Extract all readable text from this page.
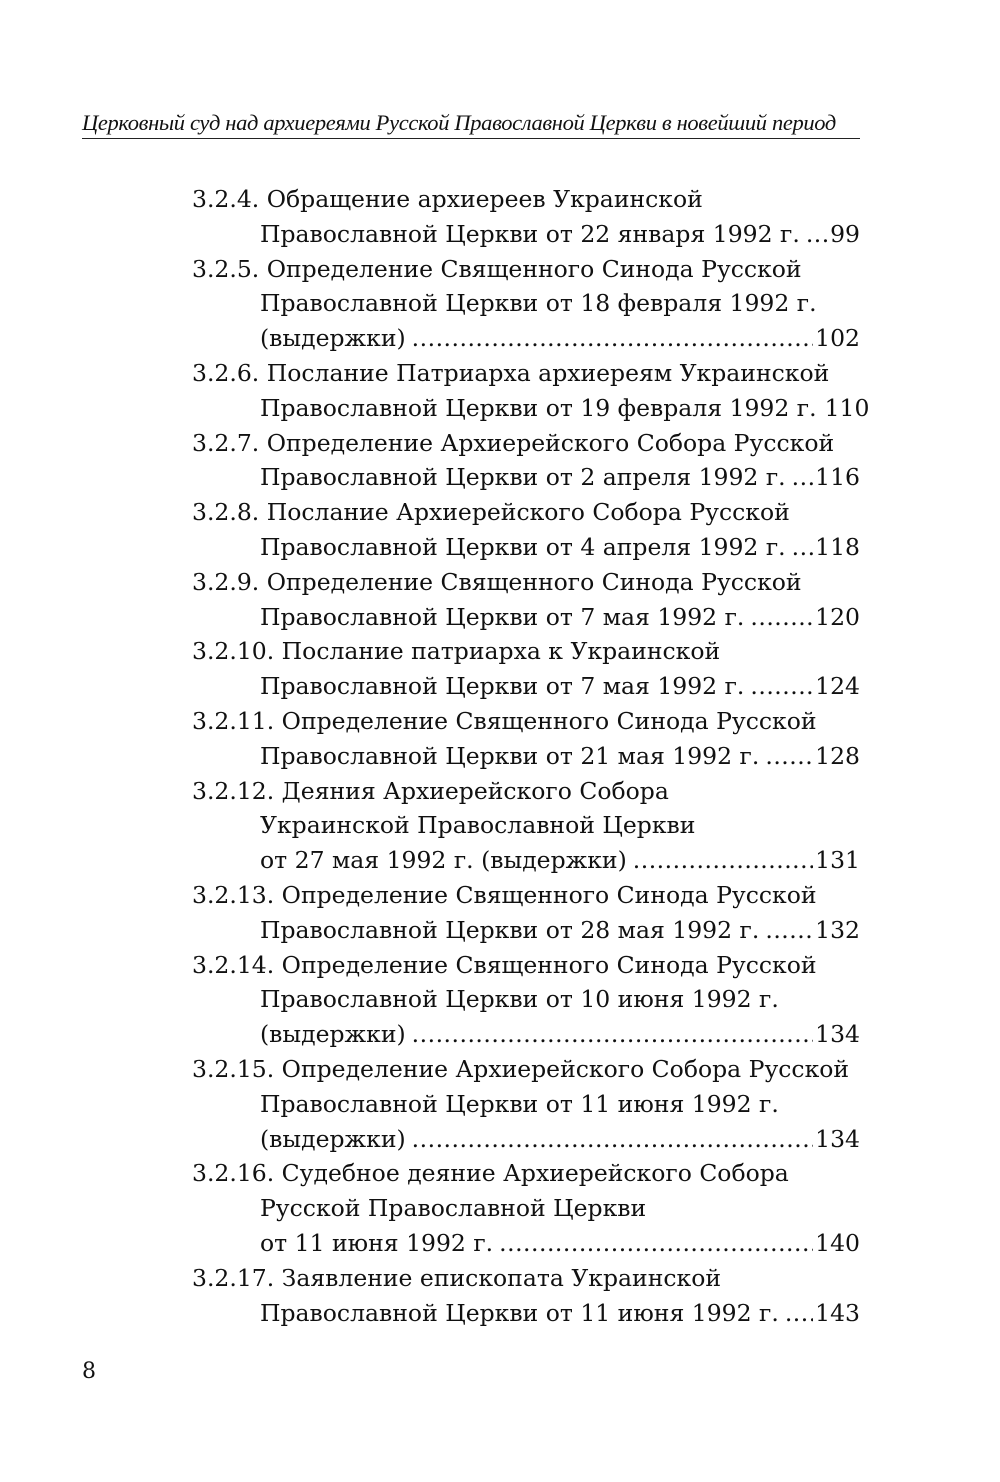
Церковный суд над архиереями Русской Православной Церкви в новейший период
3.2.4. Обращение архиереев Украинской
Православной Церкви от 22 января 1992 г. ..... 99
3.2.5. Определение Священного Синода Русской
Православной Церкви от 18 февраля 1992 г.
(выдержки) .....	102
3.2.6. Послание Патриарха архиереям Украинской
Православной Церкви от 19 февраля 1992 г. 110
3.2.7. Определение Архиерейского Собора Русской
Православной Церкви от 2 апреля 1992 г. ..... 116
3.2.8. Послание Архиерейского Собора Русской
Православной Церкви от 4 апреля 1992 г. ..... 118
3.2.9. Определение Священного Синода Русской
Православной Церкви от 7 мая 1992 г. .....	120
3.2.10. Послание патриарха к Украинской
Православной Церкви от 7 мая 1992 г. .....	124
3.2.11. Определение Священного Синода Русской
Православной Церкви от 21 мая 1992 г. ..... 128
3.2.12. Деяния Архиерейского Собора
Украинской Православной Церкви
от 27 мая 1992 г. (выдержки) .....	131
3.2.13. Определение Священного Синода Русской
Православной Церкви от 28 мая 1992 г. ..... 132
3.2.14. Определение Священного Синода Русской
Православной Церкви от 10 июня 1992 г.
(выдержки) .....	134
3.2.15. Определение Архиерейского Собора Русской
Православной Церкви от 11 июня 1992 г.
(выдержки) .....	134
3.2.16. Судебное деяние Архиерейского Собора
Русской Православной Церкви
от 11 июня 1992 г. .....	140
3.2.17. Заявление епископата Украинской
Православной Церкви от 11 июня 1992 г. ..... 143
8
